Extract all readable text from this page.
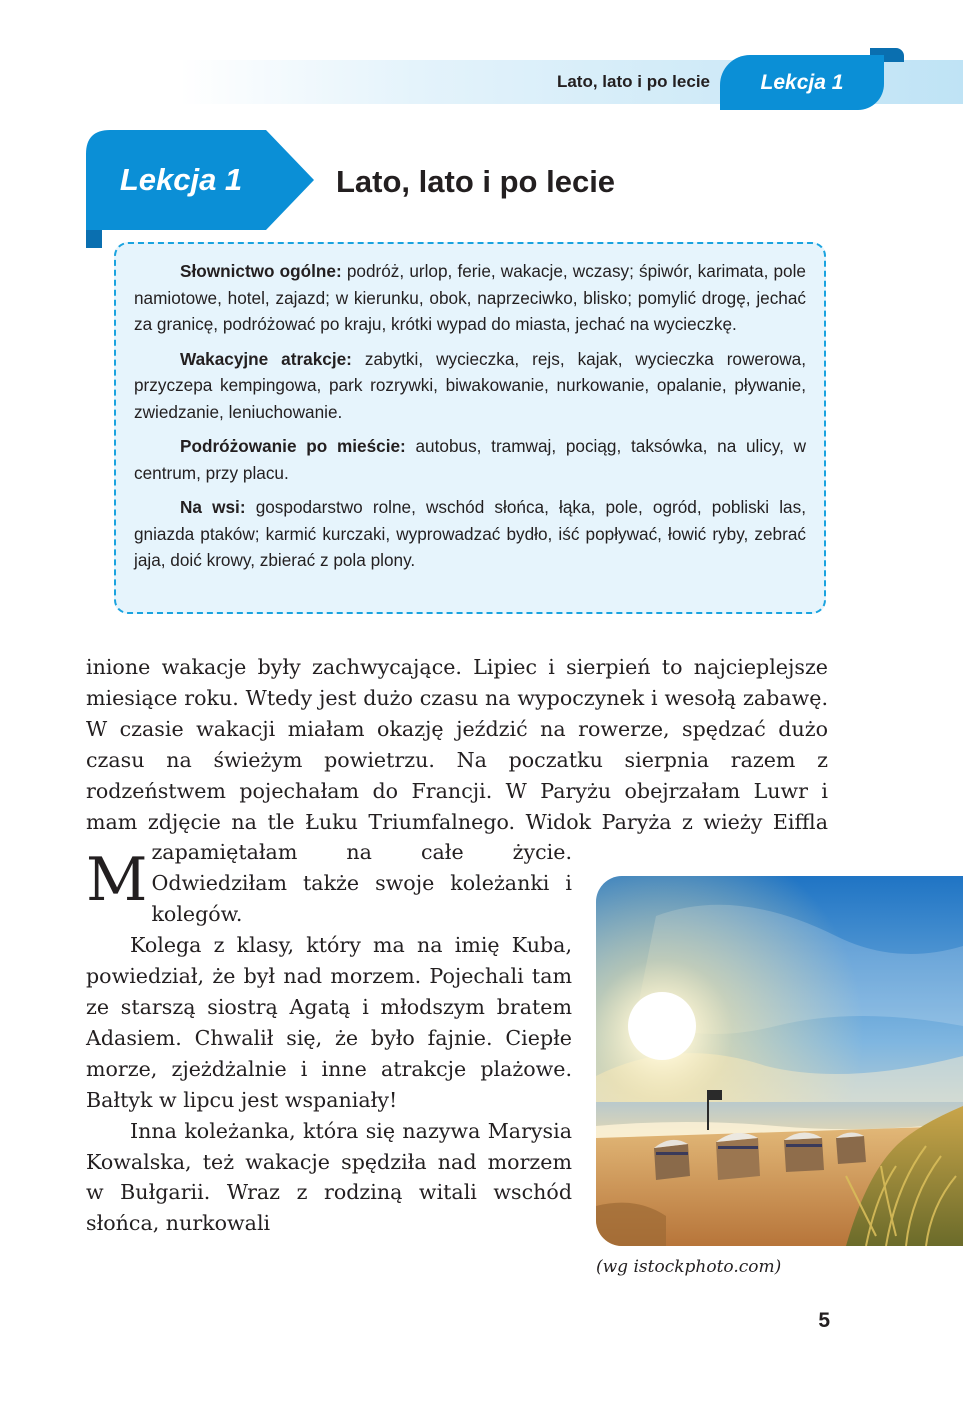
Lato, lato i po lecie	Lekcja 1
Lekcja 1	Lato, lato i po lecie

Słownictwo ogólne: podróż, urlop, ferie, wakacje, wczasy; śpiwór, karimata, pole namiotowe, hotel, zajazd; w kierunku, obok, naprzeciwko, blisko; pomylić drogę, jechać za granicę, podróżować po kraju, krótki wypad do miasta, jechać na wycieczkę.

Wakacyjne atrakcje: zabytki, wycieczka, rejs, kajak, wycieczka rowerowa, przyczepa kempingowa, park rozrywki, biwakowanie, nurkowanie, opalanie, pływanie, zwiedzanie, leniuchowanie.

Podróżowanie po mieście: autobus, tramwaj, pociąg, taksówka, na ulicy, w centrum, przy placu.

Na wsi: gospodarstwo rolne, wschód słońca, łąka, pole, ogród, pobliski las, gniazda ptaków; karmić kurczaki, wyprowadzać bydło, iść popływać, łowić ryby, zebrać jaja, doić krowy, zbierać z pola plony.

M
inione wakacje były zachwycające. Lipiec i sierpień to najcieplejsze miesiące roku. Wtedy jest dużo czasu na wypoczynek i wesołą zabawę. W czasie wakacji miałam okazję jeździć na rowerze, spędzać dużo czasu na świeżym powietrzu. Na poczatku sierpnia razem z rodzeństwem pojechałam do Francji. W Paryżu obejrzałam Luwr i mam zdjęcie na tle Łuku Triumfalnego. Widok Paryża z wieży Eiffla zapamiętałam na całe życie. Odwiedziłam także swoje koleżanki i kolegów.

Kolega z klasy, który ma na imię Kuba, powiedział, że był nad morzem. Pojechali tam ze starszą siostrą Agatą i młodszym bratem Adasiem. Chwalił się, że było fajnie. Ciepłe morze, zjeżdżalnie i inne atrakcje plażowe. Bałtyk w lipcu jest wspaniały!

Inna koleżanka, która się nazywa Marysia Kowalska, też wakacje spędziła nad morzem w Bułgarii. Wraz z rodziną witali wschód słońca, nurkowali

(wg istockphoto.com)
5
